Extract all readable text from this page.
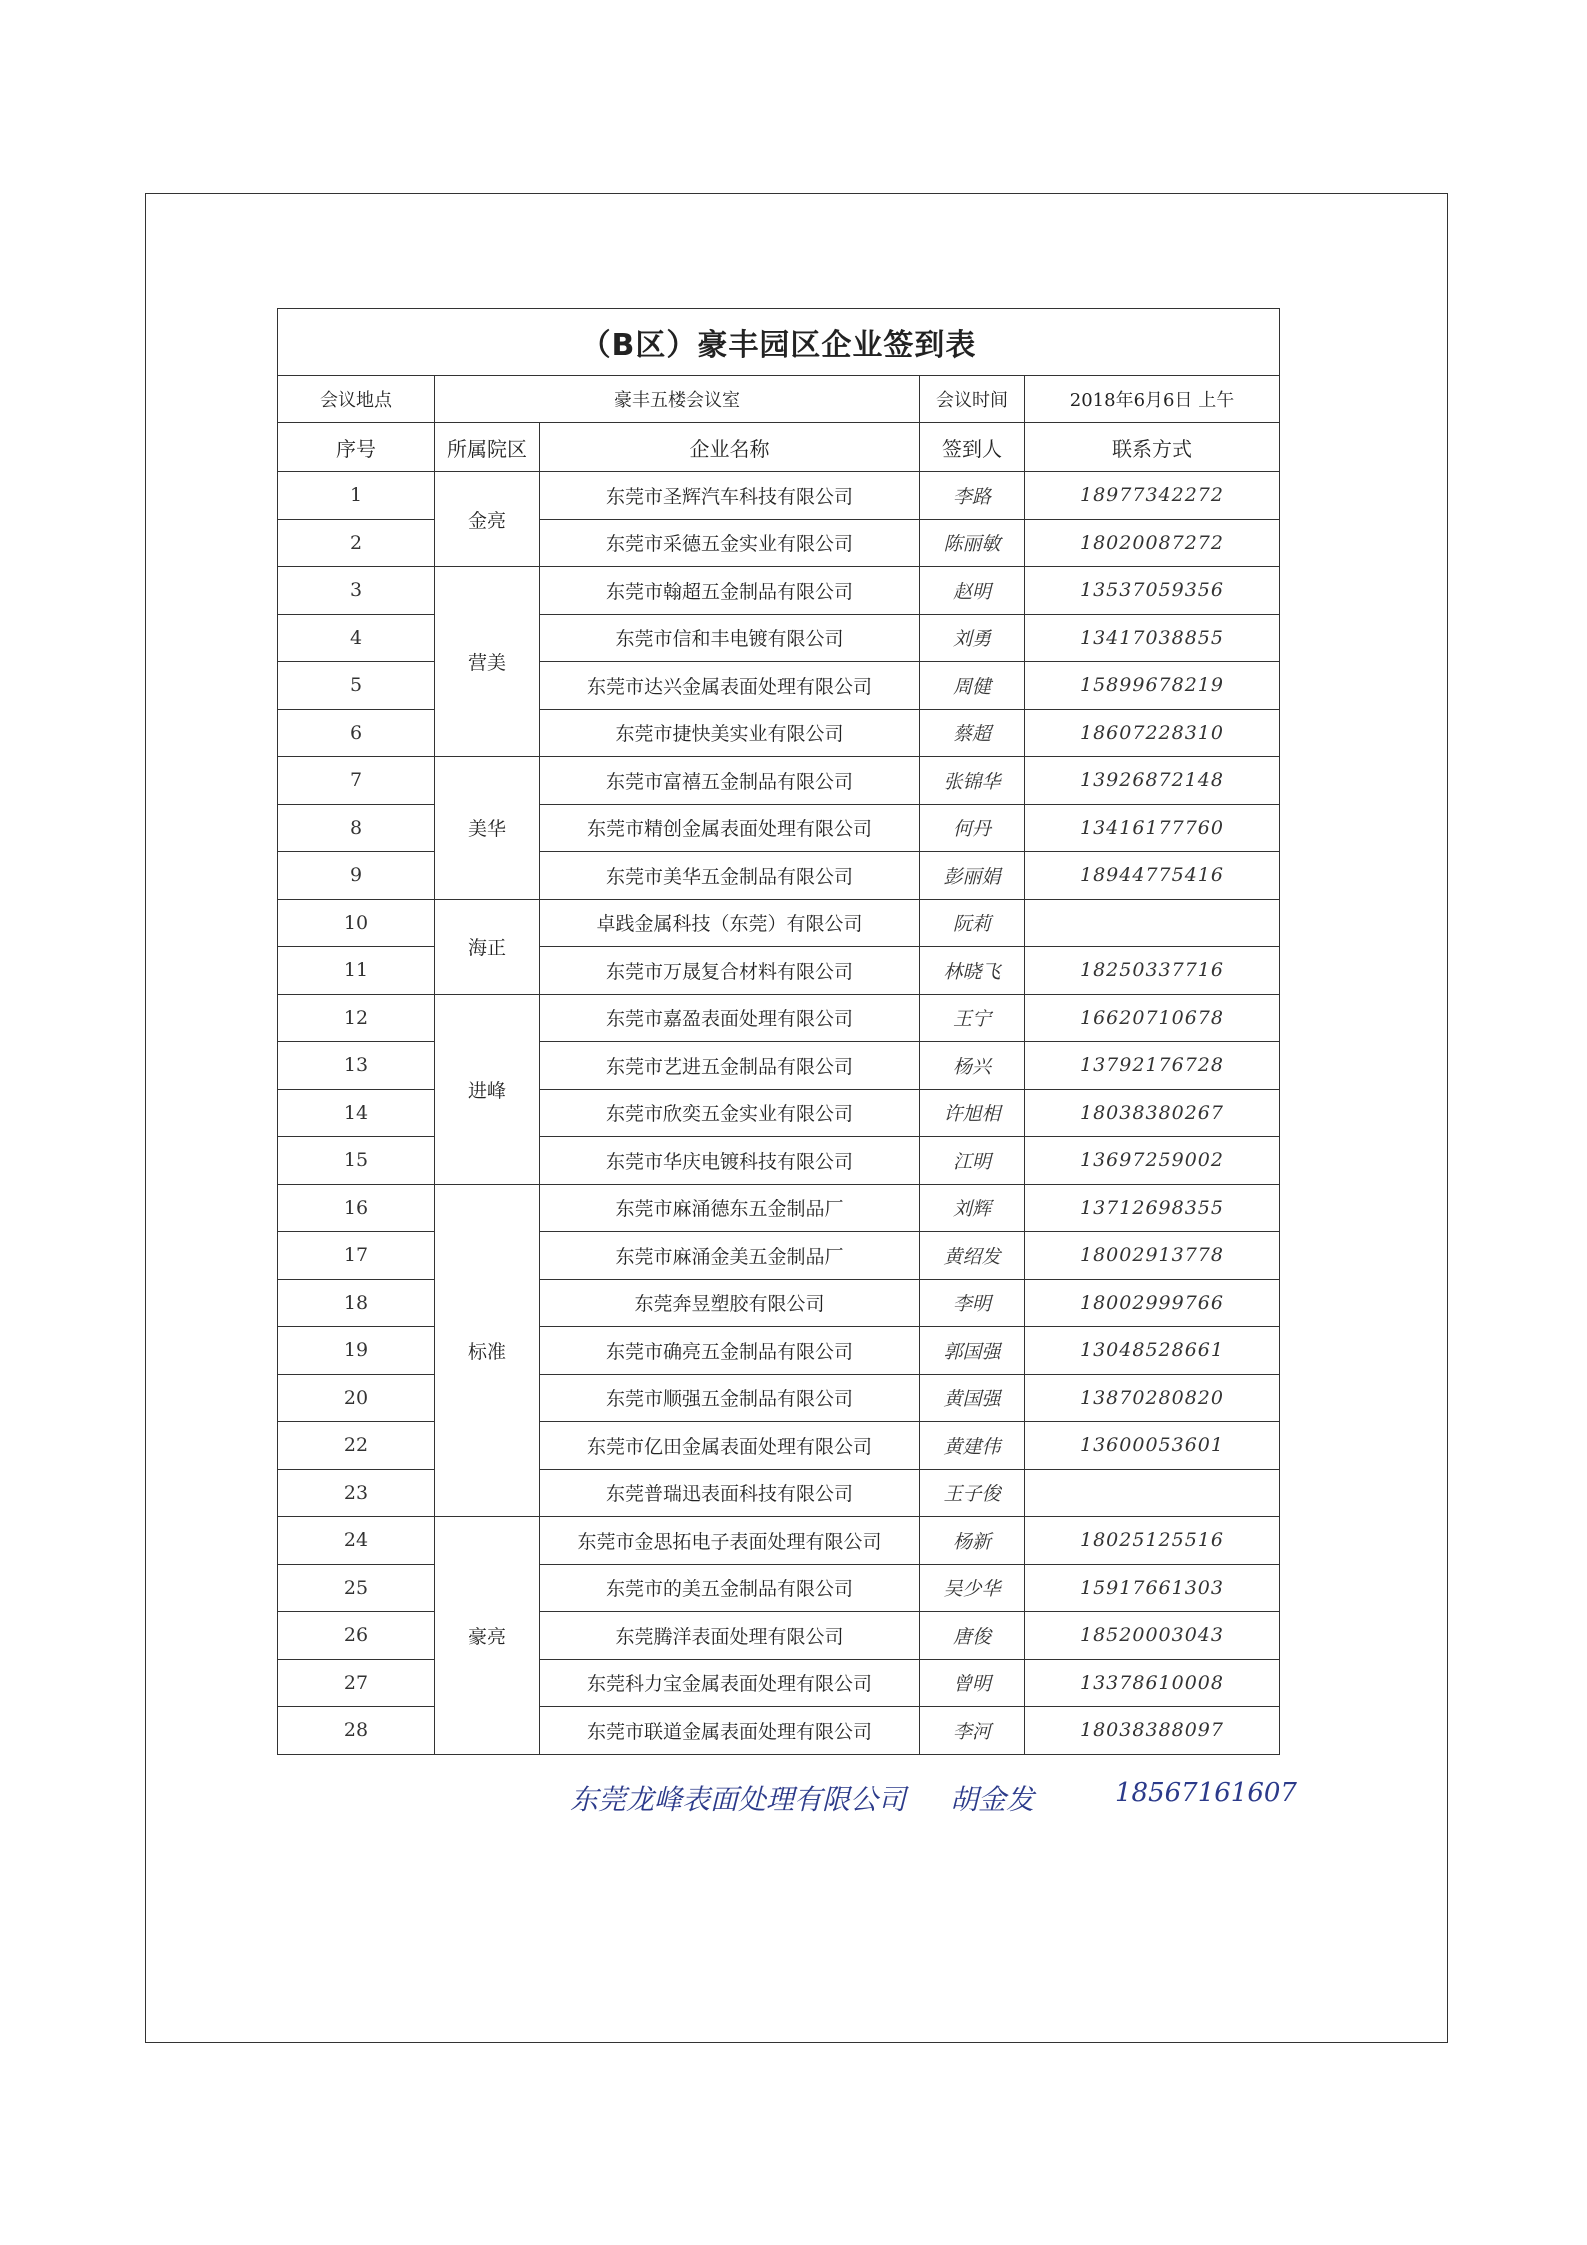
（B区）豪丰园区企业签到表				
会议地点	豪丰五楼会议室		会议时间	2018年6月6日 上午
序号	所属院区	企业名称	签到人	联系方式
1	金亮	东莞市圣辉汽车科技有限公司	李路	18977342272
2		东莞市采德五金实业有限公司	陈丽敏	18020087272
3	营美	东莞市翰超五金制品有限公司	赵明	13537059356
4		东莞市信和丰电镀有限公司	刘勇	13417038855
5		东莞市达兴金属表面处理有限公司	周健	15899678219
6		东莞市捷快美实业有限公司	蔡超	18607228310
7	美华	东莞市富禧五金制品有限公司	张锦华	13926872148
8		东莞市精创金属表面处理有限公司	何丹	13416177760
9		东莞市美华五金制品有限公司	彭丽娟	18944775416
10	海正	卓践金属科技（东莞）有限公司	阮莉	
11		东莞市万晟复合材料有限公司	林晓飞	18250337716
12	进峰	东莞市嘉盈表面处理有限公司	王宁	16620710678
13		东莞市艺进五金制品有限公司	杨兴	13792176728
14		东莞市欣奕五金实业有限公司	许旭相	18038380267
15		东莞市华庆电镀科技有限公司	江明	13697259002
16	标准	东莞市麻涌德东五金制品厂	刘辉	13712698355
17		东莞市麻涌金美五金制品厂	黄绍发	18002913778
18		东莞奔昱塑胶有限公司	李明	18002999766
19		东莞市确亮五金制品有限公司	郭国强	13048528661
20		东莞市顺强五金制品有限公司	黄国强	13870280820
22		东莞市亿田金属表面处理有限公司	黄建伟	13600053601
23		东莞普瑞迅表面科技有限公司	王子俊	
24	豪亮	东莞市金思拓电子表面处理有限公司	杨新	18025125516
25		东莞市的美五金制品有限公司	吴少华	15917661303
26		东莞腾洋表面处理有限公司	唐俊	18520003043
27		东莞科力宝金属表面处理有限公司	曾明	13378610008
28		东莞市联道金属表面处理有限公司	李河	18038388097
东莞龙峰表面处理有限公司 胡金发	18567161607
